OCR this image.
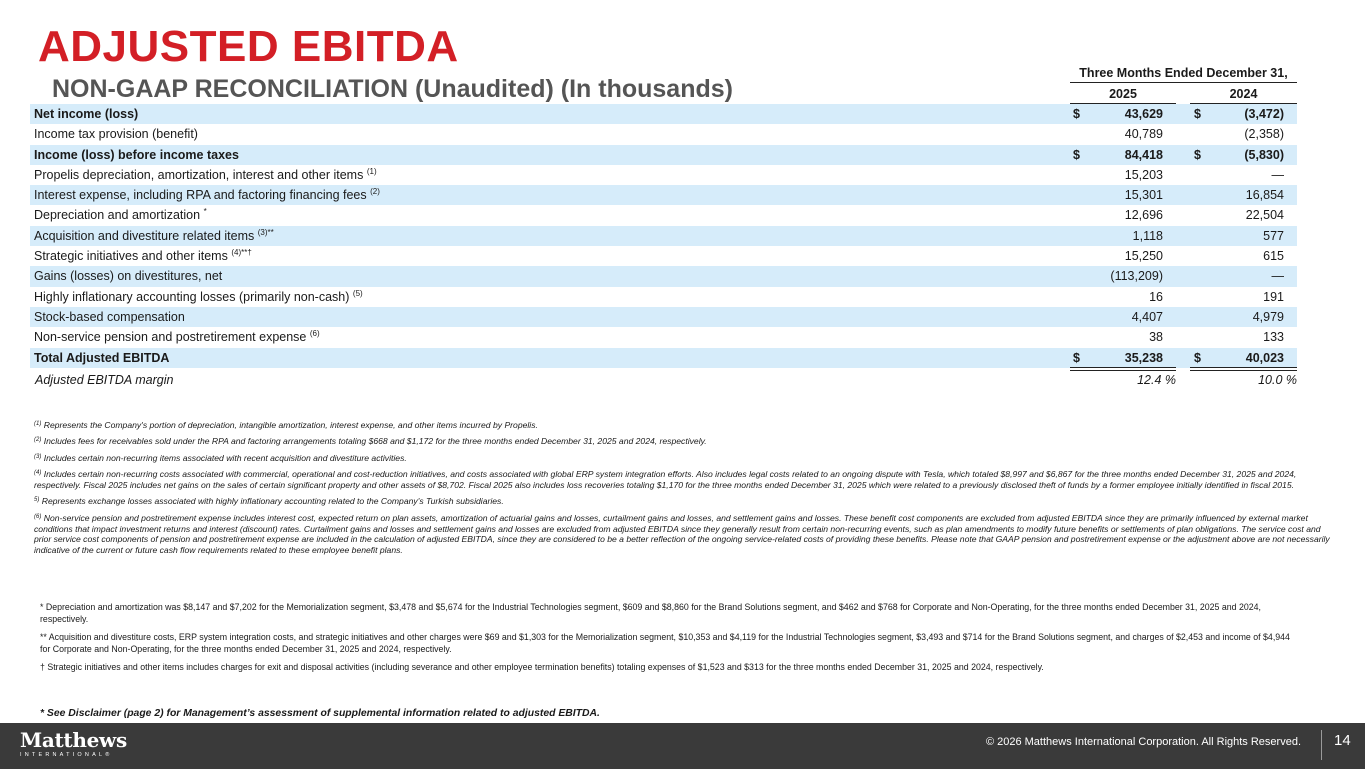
ADJUSTED EBITDA
NON-GAAP RECONCILIATION (Unaudited) (In thousands)
Three Months Ended December 31,
2025	2024
Net income (loss)	$	43,629 $	(3,472)
Income tax provision (benefit)	40,789	(2,358)
Income (loss) before income taxes	$	84,418 $	(5,830)
Propelis depreciation, amortization, interest and other items $^{(1)}$	15,203	—
Interest expense, including RPA and factoring financing fees $^{(2)}$	15,301	16,854
Depreciation and amortization *	12,696	22,504
Acquisition and divestiture related items $^{(3)**}$	1,118	577
Strategic initiatives and other items $^{(4)**\dagger}$	15,250	615
Gains (losses) on divestitures, net	(113,209)	—
Highly inflationary accounting losses (primarily non-cash) $^{(5)}$	16	191
Stock-based compensation	4,407	4,979
Non-service pension and postretirement expense $^{(6)}$	38	133
Total Adjusted EBITDA	$	35,238 $	40,023
Adjusted EBITDA margin	12.4 %	10.0 %

$^{(1)}$ Represents the Company's portion of depreciation, intangible amortization, interest expense, and other items incurred by Propelis.

$^{(2)}$ Includes fees for receivables sold under the RPA and factoring arrangements totaling $668 and $1,172 for the three months ended December 31, 2025 and 2024, respectively.

$^{(3)}$ Includes certain non-recurring items associated with recent acquisition and divestiture activities.

$^{(4)}$ Includes certain non-recurring costs associated with commercial, operational and cost-reduction initiatives, and costs associated with global ERP system integration efforts. Also includes legal costs related to an ongoing dispute with Tesla, which totaled $8,997 and $6,867 for the three months ended December 31, 2025 and 2024, respectively. Fiscal 2025 includes net gains on the sales of certain significant property and other assets of $8,702. Fiscal 2025 also includes loss recoveries totaling $1,170 for the three months ended December 31, 2025 which were related to a previously disclosed theft of funds by a former employee initially identified in fiscal 2015.

$^{5)}$ Represents exchange losses associated with highly inflationary accounting related to the Company's Turkish subsidiaries.

$^{(6)}$ Non-service pension and postretirement expense includes interest cost, expected return on plan assets, amortization of actuarial gains and losses, curtailment gains and losses, and settlement gains and losses. These benefit cost components are excluded from adjusted EBITDA since they are primarily influenced by external market conditions that impact investment returns and interest (discount) rates. Curtailment gains and losses and settlement gains and losses are excluded from adjusted EBITDA since they generally result from certain non-recurring events, such as plan amendments to modify future benefits or settlements of plan obligations. The service cost and prior service cost components of pension and postretirement expense are included in the calculation of adjusted EBITDA, since they are considered to be a better reflection of the ongoing service-related costs of providing these benefits. Please note that GAAP pension and postretirement expense or the adjustment above are not necessarily indicative of the current or future cash flow requirements related to these employee benefit plans.

* Depreciation and amortization was $8,147 and $7,202 for the Memorialization segment, $3,478 and $5,674 for the Industrial Technologies segment, $609 and $8,860 for the Brand Solutions segment, and $462 and $768 for Corporate and Non-Operating, for the three months ended December 31, 2025 and 2024, respectively.

** Acquisition and divestiture costs, ERP system integration costs, and strategic initiatives and other charges were $69 and $1,303 for the Memorialization segment, $10,353 and $4,119 for the Industrial Technologies segment, $3,493 and $714 for the Brand Solutions segment, and charges of $2,453 and income of $4,944 for Corporate and Non-Operating, for the three months ended December 31, 2025 and 2024, respectively.

† Strategic initiatives and other items includes charges for exit and disposal activities (including severance and other employee termination benefits) totaling expenses of $1,523 and $313 for the three months ended December 31, 2025 and 2024, respectively.

* See Disclaimer (page 2) for Management’s assessment of supplemental information related to adjusted EBITDA.
Matthews
INTERNATIONAL®
© 2026 Matthews International Corporation. All Rights Reserved. 14
